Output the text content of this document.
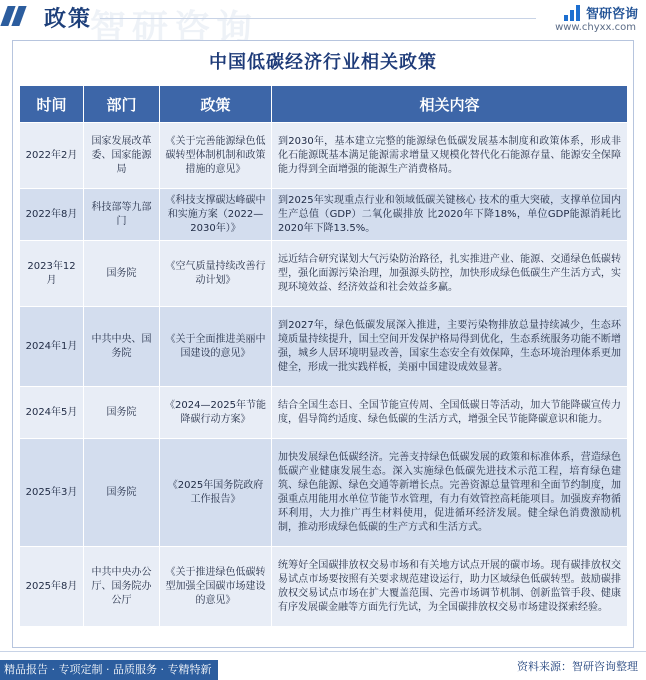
智研咨询
政策	智研咨询
www.chyxx.com
中国低碳经济行业相关政策
时间	部门	政策	相关内容
2022年2月	国家发展改革委、国家能源局	《关于完善能源绿色低碳转型体制机制和政策措施的意见》	到2030年，基本建立完整的能源绿色低碳发展基本制度和政策体系，形成非化石能源既基本满足能源需求增量又规模化替代化石能源存量、能源安全保障能力得到全面增强的能源生产消费格局。
2022年8月	科技部等九部门	《科技支撑碳达峰碳中和实施方案（2022—2030年）》	到2025年实现重点行业和领域低碳关键核心 技术的重大突破，支撑单位国内生产总值（GDP）二氧化碳排放 比2020年下降18%，单位GDP能源消耗比2020年下降13.5%。
2023年12月	国务院	《空气质量持续改善行动计划》	远近结合研究谋划大气污染防治路径，扎实推进产业、能源、交通绿色低碳转型，强化面源污染治理，加强源头防控，加快形成绿色低碳生产生活方式，实现环境效益、经济效益和社会效益多赢。
2024年1月	中共中央、国务院	《关于全面推进美丽中国建设的意见》	到2027年，绿色低碳发展深入推进，主要污染物排放总量持续减少，生态环境质量持续提升，国土空间开发保护格局得到优化，生态系统服务功能不断增强，城乡人居环境明显改善，国家生态安全有效保障，生态环境治理体系更加健全，形成一批实践样板，美丽中国建设成效显著。
2024年5月	国务院	《2024—2025年节能降碳行动方案》	结合全国生态日、全国节能宣传周、全国低碳日等活动，加大节能降碳宣传力度，倡导简约适度、绿色低碳的生活方式，增强全民节能降碳意识和能力。
2025年3月	国务院	《2025年国务院政府工作报告》	加快发展绿色低碳经济。完善支持绿色低碳发展的政策和标准体系，营造绿色低碳产业健康发展生态。深入实施绿色低碳先进技术示范工程，培育绿色建筑、绿色能源、绿色交通等新增长点。完善资源总量管理和全面节约制度，加强重点用能用水单位节能节水管理，有力有效管控高耗能项目。加强废弃物循环利用，大力推广再生材料使用，促进循环经济发展。健全绿色消费激励机制，推动形成绿色低碳的生产方式和生活方式。
2025年8月	中共中央办公厅、国务院办公厅	《关于推进绿色低碳转型加强全国碳市场建设的意见》	统筹好全国碳排放权交易市场和有关地方试点开展的碳市场。现有碳排放权交易试点市场要按照有关要求规范建设运行，助力区域绿色低碳转型。鼓励碳排放权交易试点市场在扩大覆盖范围、完善市场调节机制、创新监管手段、健康有序发展碳金融等方面先行先试，为全国碳排放权交易市场建设探索经验。
精品报告 · 专项定制 · 品质服务 · 专精特新	资料来源：智研咨询整理
